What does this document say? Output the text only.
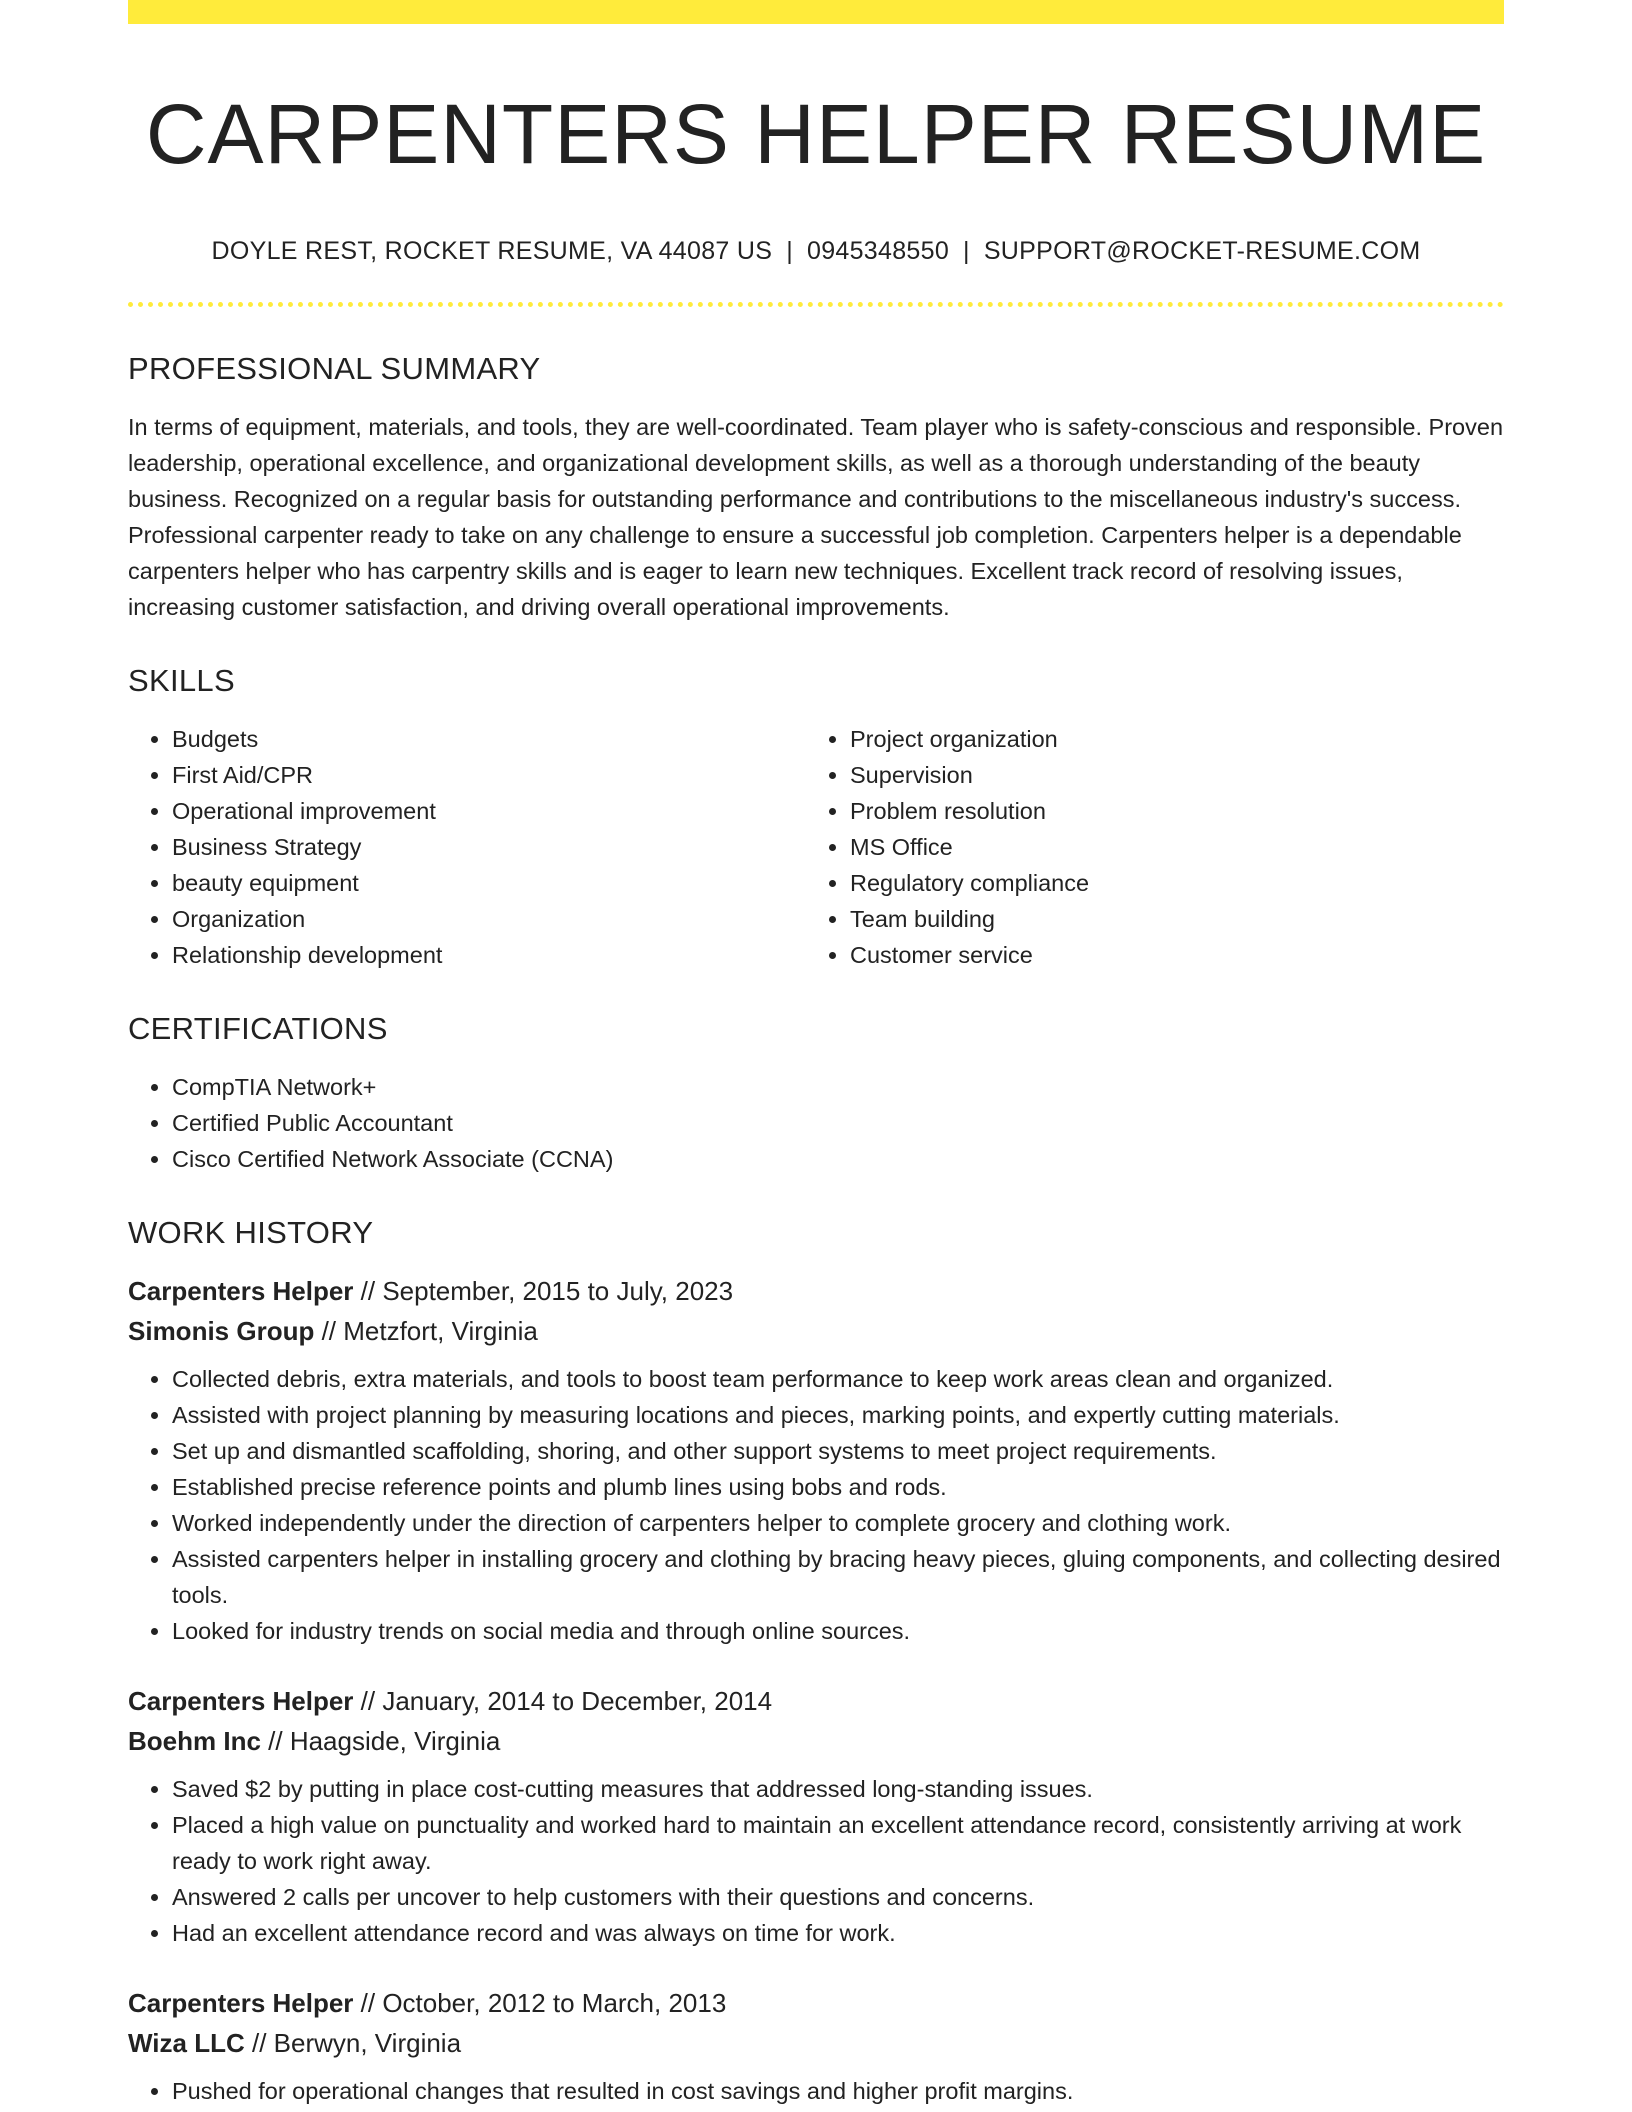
CARPENTERS HELPER RESUME
DOYLE REST, ROCKET RESUME, VA 44087 US | 0945348550 | SUPPORT@ROCKET-RESUME.COM
PROFESSIONAL SUMMARY

In terms of equipment, materials, and tools, they are well-coordinated. Team player who is safety-conscious and responsible. Proven leadership, operational excellence, and organizational development skills, as well as a thorough understanding of the beauty business. Recognized on a regular basis for outstanding performance and contributions to the miscellaneous industry's success. Professional carpenter ready to take on any challenge to ensure a successful job completion. Carpenters helper is a dependable carpenters helper who has carpentry skills and is eager to learn new techniques. Excellent track record of resolving issues, increasing customer satisfaction, and driving overall operational improvements.

SKILLS
• Budgets
• First Aid/CPR
• Operational improvement
• Business Strategy
• beauty equipment
• Organization
• Relationship development
• Project organization
• Supervision
• Problem resolution
• MS Office
• Regulatory compliance
• Team building
• Customer service
CERTIFICATIONS
• CompTIA Network+
• Certified Public Accountant
• Cisco Certified Network Associate (CCNA)
WORK HISTORY
Carpenters Helper // September, 2015 to July, 2023
Simonis Group // Metzfort, Virginia
• Collected debris, extra materials, and tools to boost team performance to keep work areas clean and organized.
• Assisted with project planning by measuring locations and pieces, marking points, and expertly cutting materials.
• Set up and dismantled scaffolding, shoring, and other support systems to meet project requirements.
• Established precise reference points and plumb lines using bobs and rods.
• Worked independently under the direction of carpenters helper to complete grocery and clothing work.
• Assisted carpenters helper in installing grocery and clothing by bracing heavy pieces, gluing components, and collecting desired tools.
• Looked for industry trends on social media and through online sources.
Carpenters Helper // January, 2014 to December, 2014
Boehm Inc // Haagside, Virginia
• Saved $2 by putting in place cost-cutting measures that addressed long-standing issues.
• Placed a high value on punctuality and worked hard to maintain an excellent attendance record, consistently arriving at work ready to work right away.
• Answered 2 calls per uncover to help customers with their questions and concerns.
• Had an excellent attendance record and was always on time for work.
Carpenters Helper // October, 2012 to March, 2013
Wiza LLC // Berwyn, Virginia
• Pushed for operational changes that resulted in cost savings and higher profit margins.
